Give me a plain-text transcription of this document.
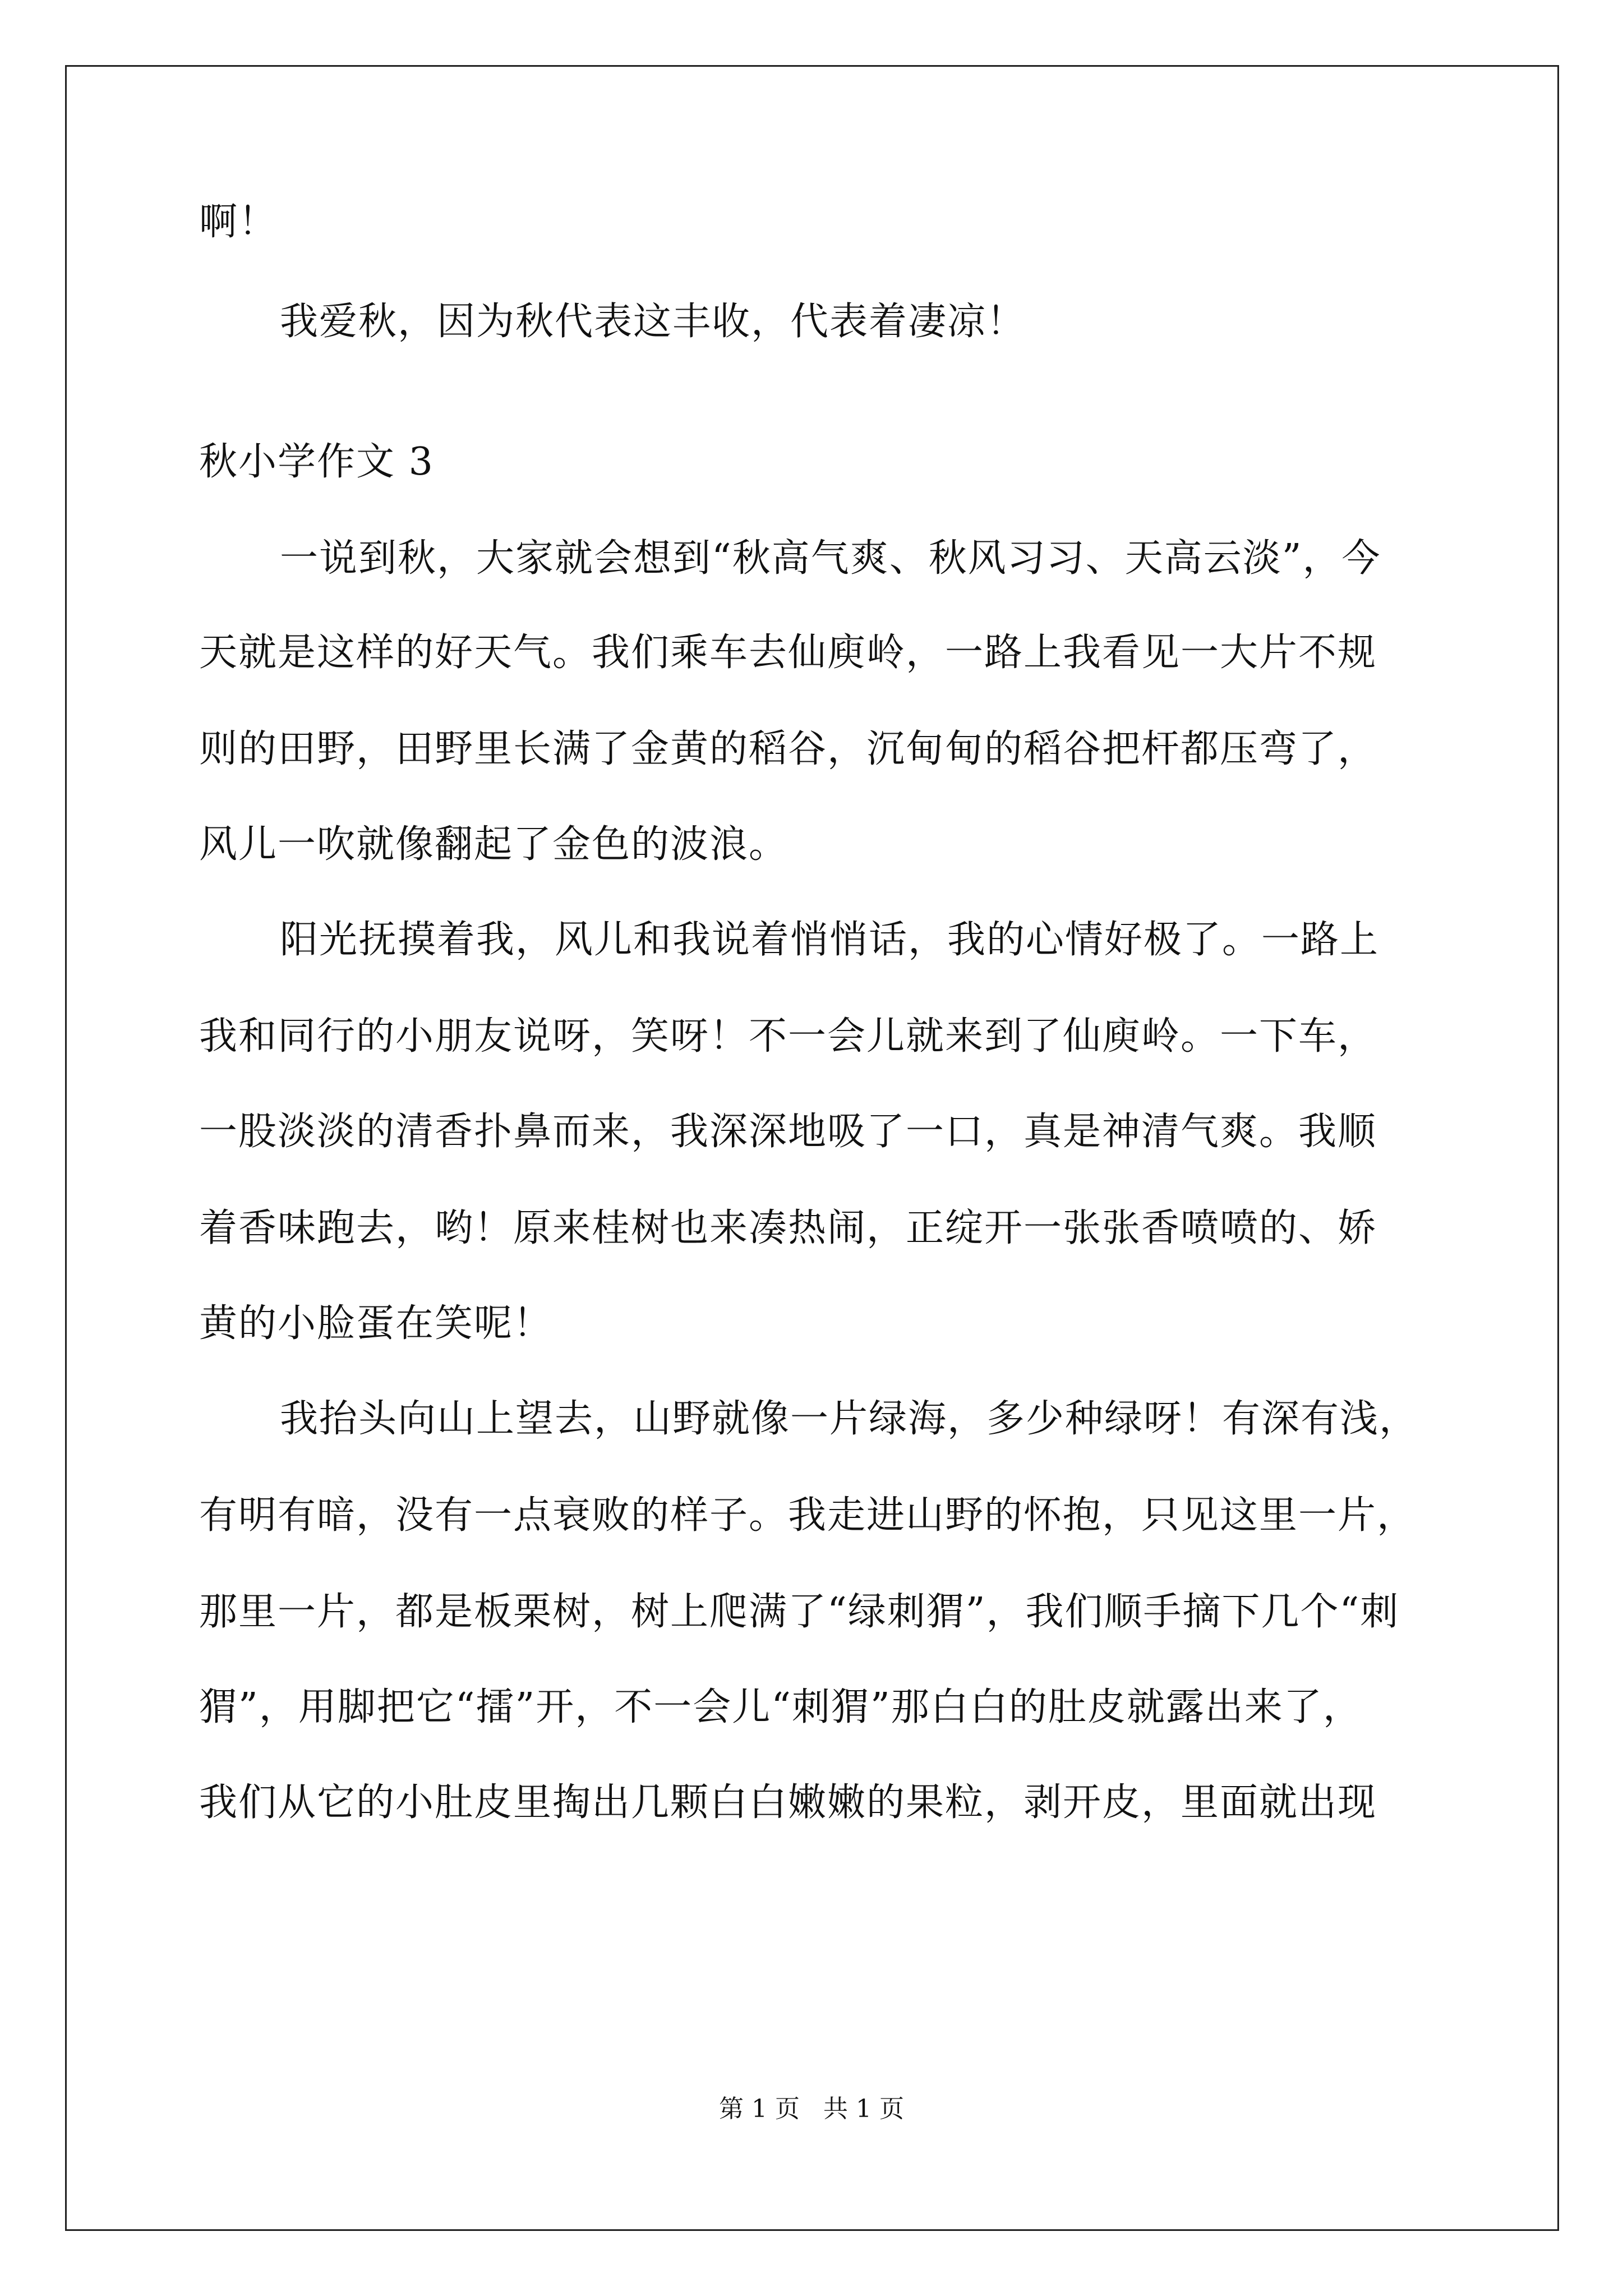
啊！
我爱秋，因为秋代表这丰收，代表着凄凉！
秋小学作文 3
一说到秋，大家就会想到“秋高气爽、秋风习习、天高云淡”，今
天就是这样的好天气。我们乘车去仙庾岭，一路上我看见一大片不规
则的田野，田野里长满了金黄的稻谷，沉甸甸的稻谷把杆都压弯了，
风儿一吹就像翻起了金色的波浪。
阳光抚摸着我，风儿和我说着悄悄话，我的心情好极了。一路上
我和同行的小朋友说呀，笑呀！不一会儿就来到了仙庾岭。一下车，
一股淡淡的清香扑鼻而来，我深深地吸了一口，真是神清气爽。我顺
着香味跑去，哟！原来桂树也来凑热闹，正绽开一张张香喷喷的、娇
黄的小脸蛋在笑呢！
我抬头向山上望去，山野就像一片绿海，多少种绿呀！有深有浅，
有明有暗，没有一点衰败的样子。我走进山野的怀抱，只见这里一片，
那里一片，都是板栗树，树上爬满了“绿刺猬”，我们顺手摘下几个“刺
猬”，用脚把它“擂”开，不一会儿“刺猬”那白白的肚皮就露出来了，
我们从它的小肚皮里掏出几颗白白嫩嫩的果粒，剥开皮，里面就出现
第 1 页   共 1 页
